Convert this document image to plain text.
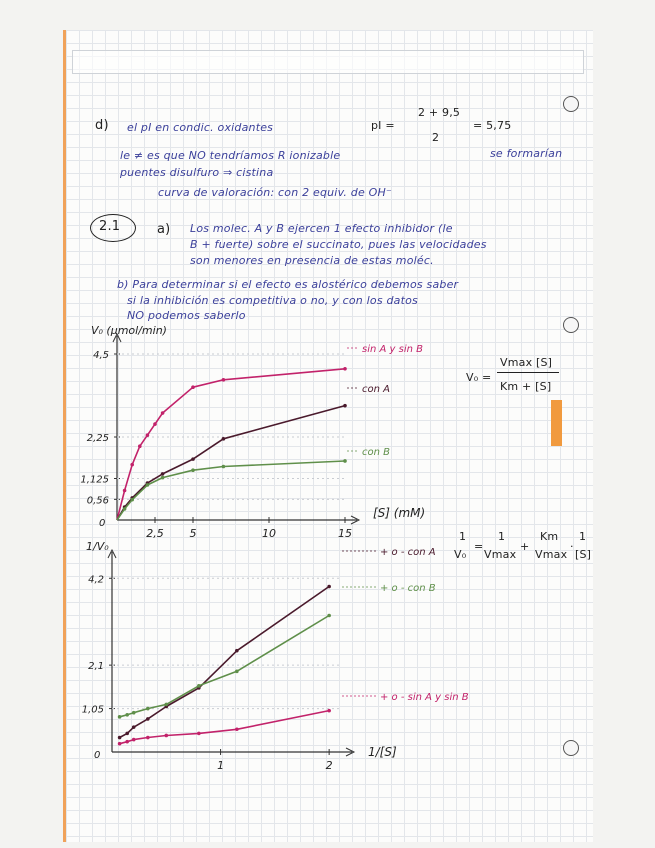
d) el pI en condic. oxidantes	pI =
2 + 9,5
2
= 5,75
le ≠ es que NO tendríamos R ionizable	se formarían
puentes disulfuro ⇒ cistina
curva de valoración: con 2 equiv. de OH⁻
2.1	a) Los molec. A y B ejercen 1 efecto inhibidor (le
B + fuerte) sobre el succinato, pues las velocidades
son menores en presencia de estas moléc.
b) Para determinar si el efecto es alostérico debemos saber
si la inhibición es competitiva o no, y con los datos
NO podemos saberlo
V₀ =
Vmax [S]
Km + [S]
1
V₀
=
1
Vmax
+
Km
Vmax
·
1
[S]
V₀ (µmol/min)
[S] (mM)
0
2,5 5	10	15
4,5
2,25
1,125
0,56
sin A y sin B
con A
con B
1/V₀
1/[S]
0
1	2
4,2
2,1
1,05
+ o - con A
+ o - con B
+ o - sin A y sin B
